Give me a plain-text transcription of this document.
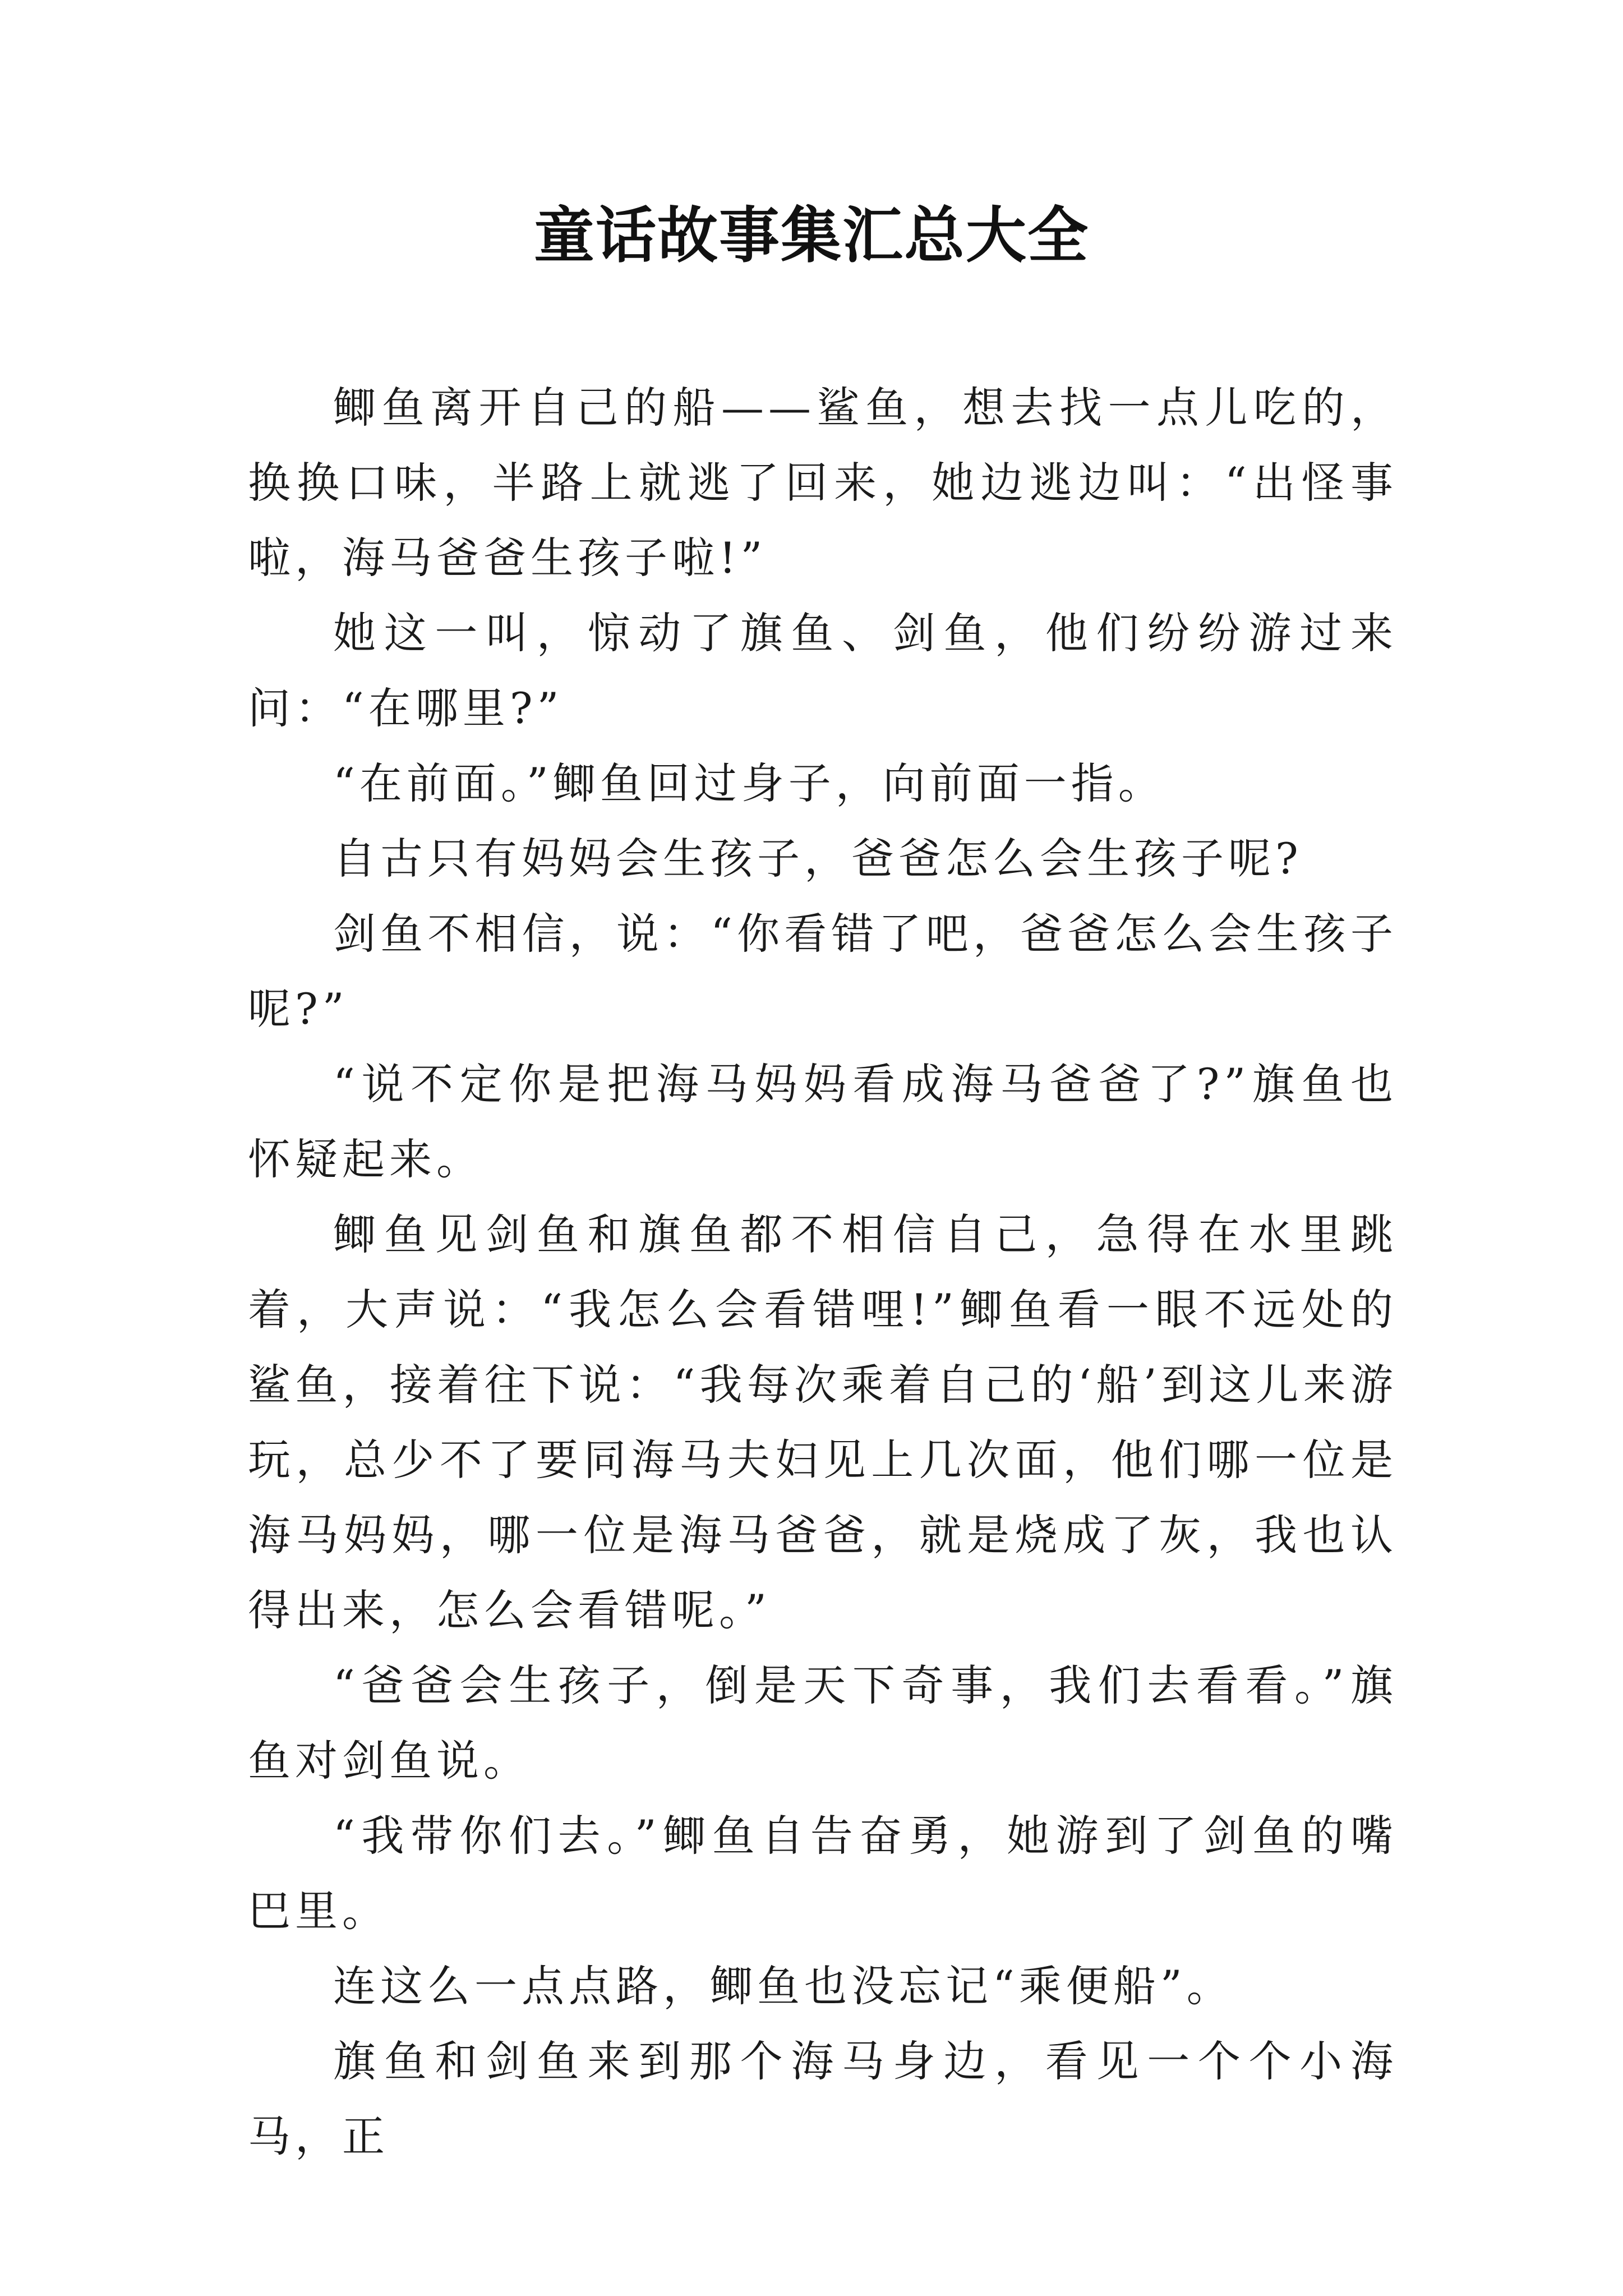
童话故事集汇总大全

鲫鱼离开自己的船——鲨鱼，想去找一点儿吃的，换换口味，半路上就逃了回来，她边逃边叫：“出怪事啦，海马爸爸生孩子啦!”

她这一叫，惊动了旗鱼、剑鱼，他们纷纷游过来问：“在哪里?”

“在前面。”鲫鱼回过身子，向前面一指。

自古只有妈妈会生孩子，爸爸怎么会生孩子呢?

剑鱼不相信，说：“你看错了吧，爸爸怎么会生孩子呢?”

“说不定你是把海马妈妈看成海马爸爸了?”旗鱼也怀疑起来。

鲫鱼见剑鱼和旗鱼都不相信自己，急得在水里跳着，大声说：“我怎么会看错哩!”鲫鱼看一眼不远处的鲨鱼，接着往下说：“我每次乘着自己的‘船’到这儿来游玩，总少不了要同海马夫妇见上几次面，他们哪一位是海马妈妈，哪一位是海马爸爸，就是烧成了灰，我也认得出来，怎么会看错呢。”

“爸爸会生孩子，倒是天下奇事，我们去看看。”旗鱼对剑鱼说。

“我带你们去。”鲫鱼自告奋勇，她游到了剑鱼的嘴巴里。

连这么一点点路，鲫鱼也没忘记“乘便船”。

旗鱼和剑鱼来到那个海马身边，看见一个个小海马，正
